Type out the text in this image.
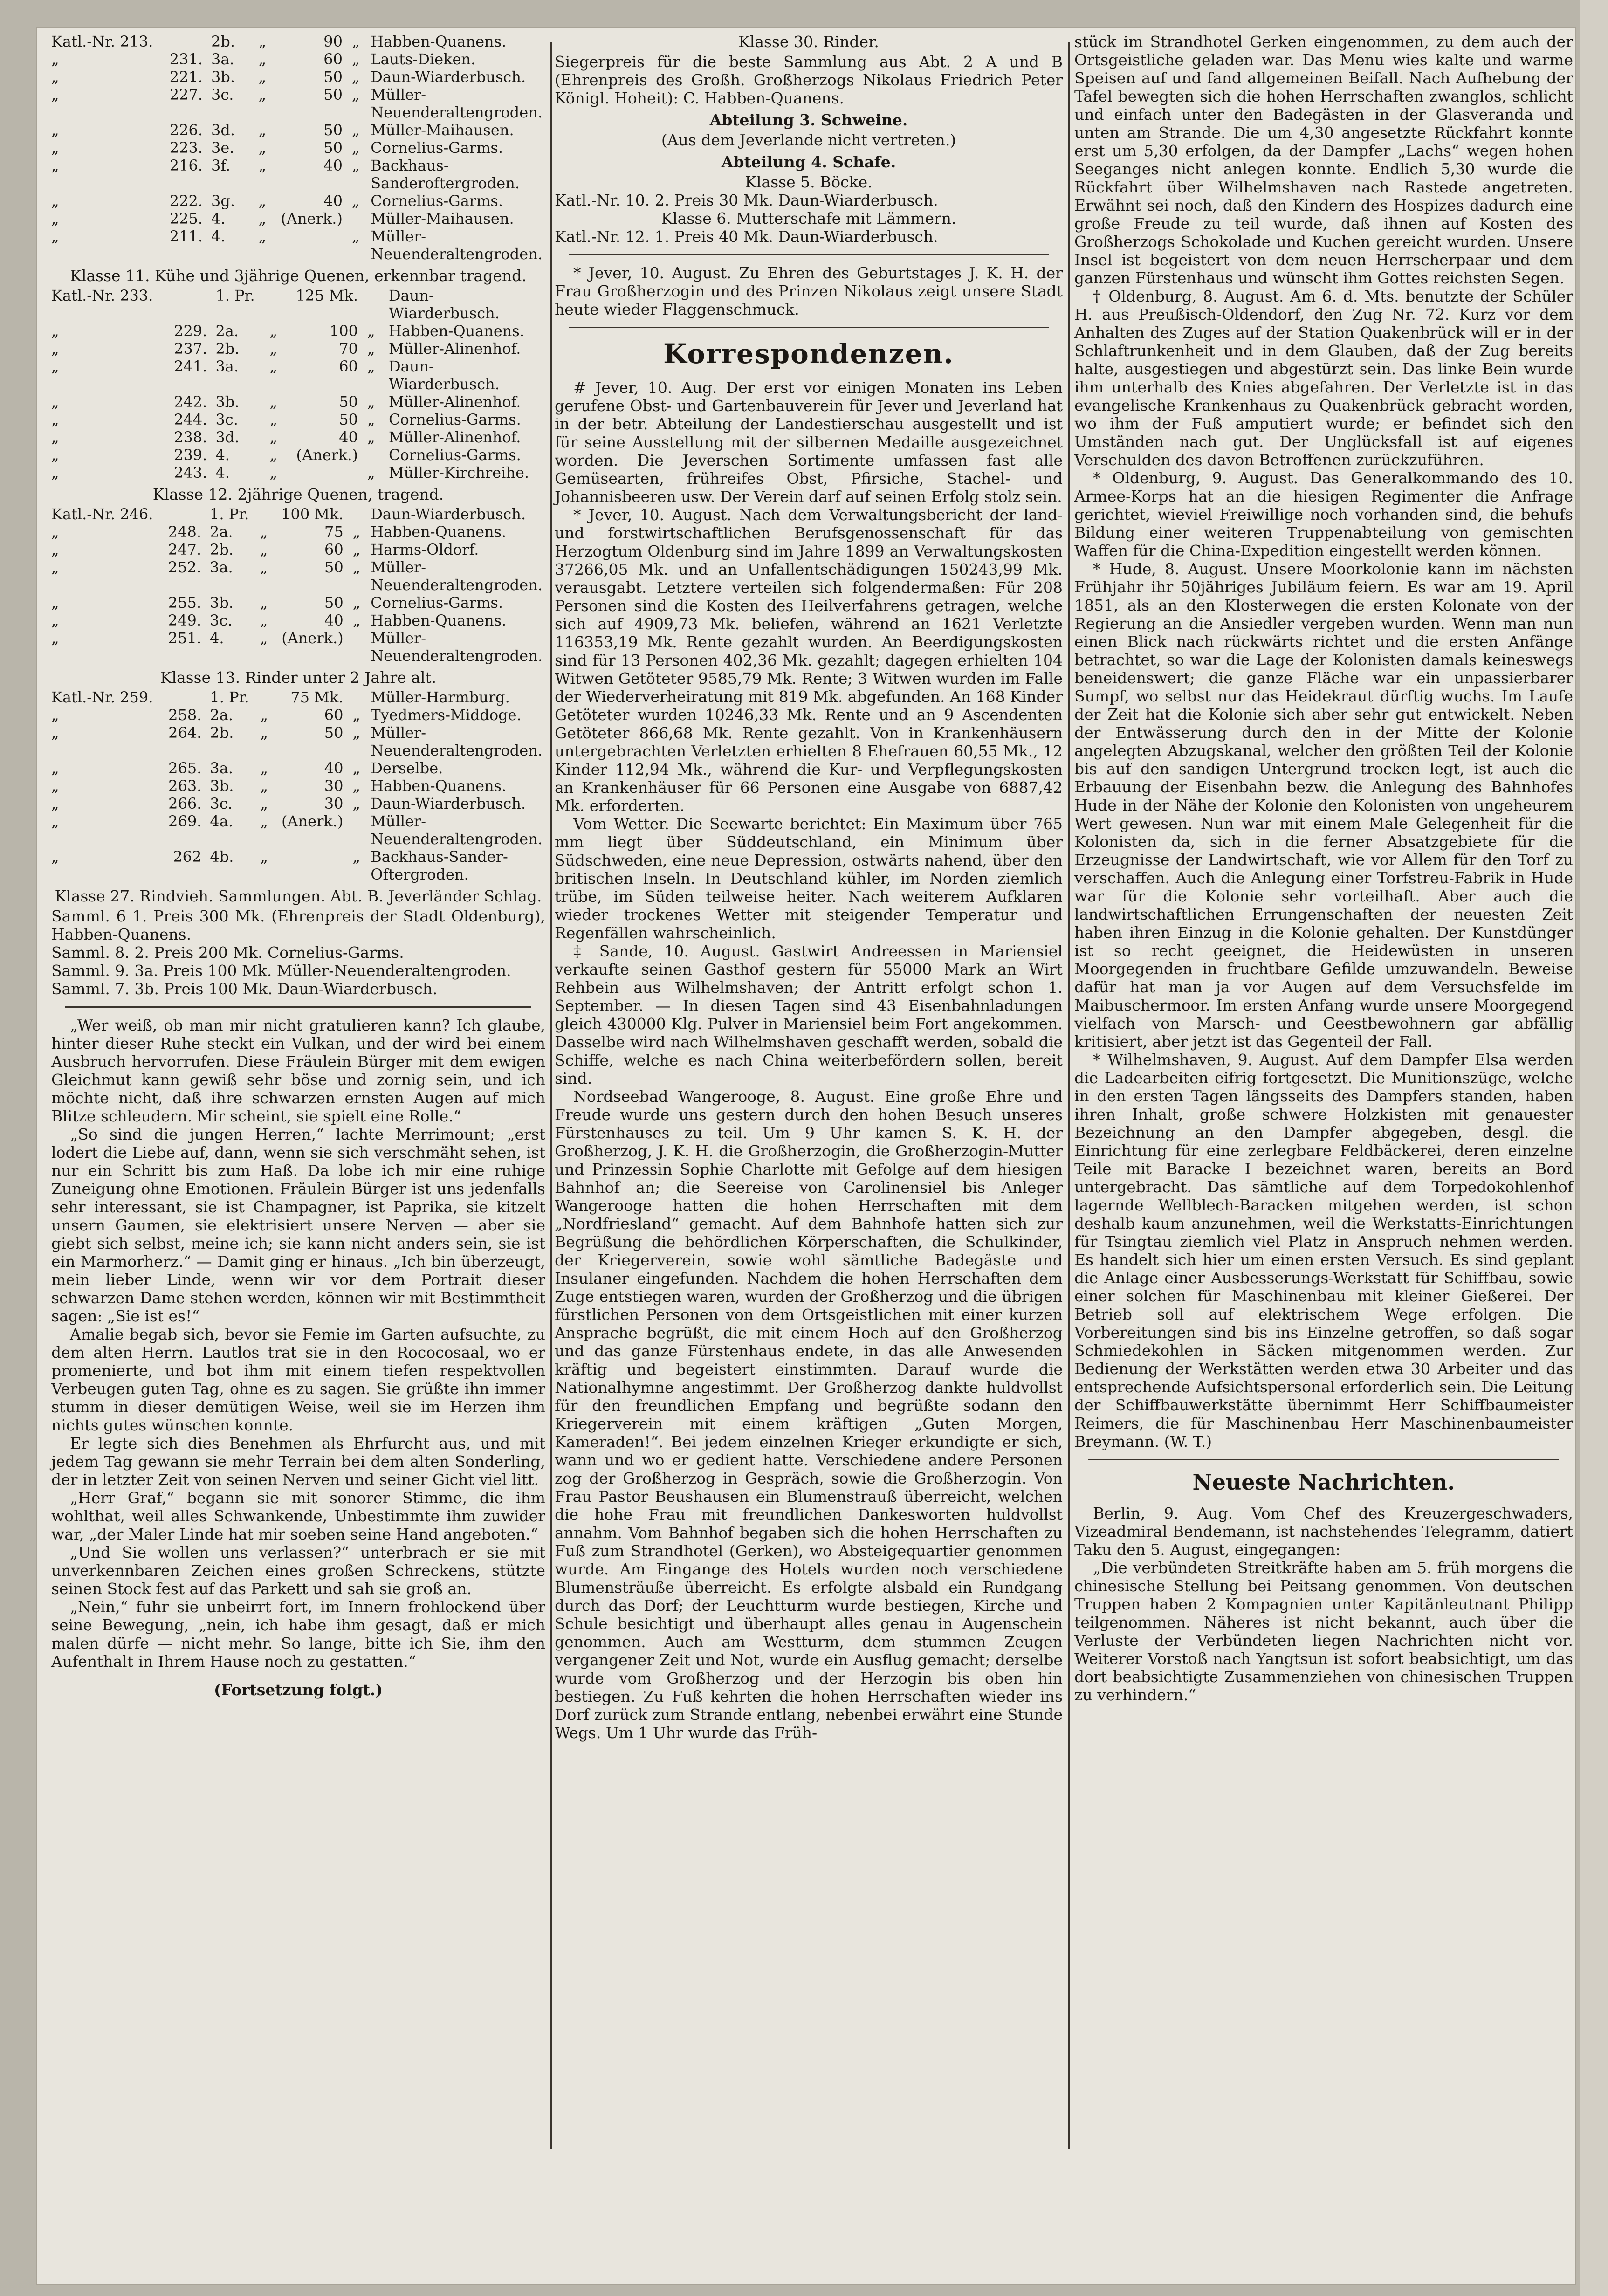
Katl.-Nr. 213.		2b.	„	90	„	Habben-Quanens.
„	231.	3a.	„	60	„	Lauts-Dieken.
„	221.	3b.	„	50	„	Daun-Wiarderbusch.
„	227.	3c.	„	50	„	Müller-Neuenderaltengroden.
„	226.	3d.	„	50	„	Müller-Maihausen.
„	223.	3e.	„	50	„	Cornelius-Garms.
„	216.	3f.	„	40	„	Backhaus-Sanderoftergroden.
„	222.	3g.	„	40	„	Cornelius-Garms.
„	225.	4.	„	(Anerk.)		Müller-Maihausen.
„	211.	4.	„		„	Müller-Neuenderaltengroden.
Klasse 11. Kühe und 3jährige Quenen, erkennbar tragend.
Katl.-Nr. 233.		1. Pr.		125 Mk.		Daun-Wiarderbusch.
„	229.	2a.	„	100	„	Habben-Quanens.
„	237.	2b.	„	70	„	Müller-Alinenhof.
„	241.	3a.	„	60	„	Daun-Wiarderbusch.
„	242.	3b.	„	50	„	Müller-Alinenhof.
„	244.	3c.	„	50	„	Cornelius-Garms.
„	238.	3d.	„	40	„	Müller-Alinenhof.
„	239.	4.	„	(Anerk.)		Cornelius-Garms.
„	243.	4.	„		„	Müller-Kirchreihe.
Klasse 12. 2jährige Quenen, tragend.
Katl.-Nr. 246.		1. Pr.		100 Mk.		Daun-Wiarderbusch.
„	248.	2a.	„	75	„	Habben-Quanens.
„	247.	2b.	„	60	„	Harms-Oldorf.
„	252.	3a.	„	50	„	Müller-Neuenderaltengroden.
„	255.	3b.	„	50	„	Cornelius-Garms.
„	249.	3c.	„	40	„	Habben-Quanens.
„	251.	4.	„	(Anerk.)		Müller-Neuenderaltengroden.
Klasse 13. Rinder unter 2 Jahre alt.
Katl.-Nr. 259.		1. Pr.		75 Mk.		Müller-Harmburg.
„	258.	2a.	„	60	„	Tyedmers-Middoge.
„	264.	2b.	„	50	„	Müller-Neuenderaltengroden.
„	265.	3a.	„	40	„	Derselbe.
„	263.	3b.	„	30	„	Habben-Quanens.
„	266.	3c.	„	30	„	Daun-Wiarderbusch.
„	269.	4a.	„	(Anerk.)		Müller-Neuenderaltengroden.
„	262	4b.	„		„	Backhaus-Sander-Oftergroden.
Klasse 27. Rindvieh. Sammlungen. Abt. B. Jeverländer Schlag.
Samml. 6 1. Preis 300 Mk. (Ehrenpreis der Stadt Oldenburg), Habben-Quanens.
Samml. 8. 2. Preis 200 Mk. Cornelius-Garms.
Samml. 9. 3a. Preis 100 Mk. Müller-Neuenderaltengroden.
Samml. 7. 3b. Preis 100 Mk. Daun-Wiarderbusch.

„Wer weiß, ob man mir nicht gratulieren kann? Ich glaube, hinter dieser Ruhe steckt ein Vulkan, und der wird bei einem Ausbruch hervorrufen. Diese Fräulein Bürger mit dem ewigen Gleichmut kann gewiß sehr böse und zornig sein, und ich möchte nicht, daß ihre schwarzen ernsten Augen auf mich Blitze schleudern. Mir scheint, sie spielt eine Rolle.“

„So sind die jungen Herren,“ lachte Merrimount; „erst lodert die Liebe auf, dann, wenn sie sich verschmäht sehen, ist nur ein Schritt bis zum Haß. Da lobe ich mir eine ruhige Zuneigung ohne Emotionen. Fräulein Bürger ist uns jedenfalls sehr interessant, sie ist Champagner, ist Paprika, sie kitzelt unsern Gaumen, sie elektrisiert unsere Nerven — aber sie giebt sich selbst, meine ich; sie kann nicht anders sein, sie ist ein Marmorherz.“ — Damit ging er hinaus. „Ich bin überzeugt, mein lieber Linde, wenn wir vor dem Portrait dieser schwarzen Dame stehen werden, können wir mit Bestimmtheit sagen: „Sie ist es!“

Amalie begab sich, bevor sie Femie im Garten aufsuchte, zu dem alten Herrn. Lautlos trat sie in den Rococosaal, wo er promenierte, und bot ihm mit einem tiefen respektvollen Verbeugen guten Tag, ohne es zu sagen. Sie grüßte ihn immer stumm in dieser demütigen Weise, weil sie im Herzen ihm nichts gutes wünschen konnte.

Er legte sich dies Benehmen als Ehrfurcht aus, und mit jedem Tag gewann sie mehr Terrain bei dem alten Sonderling, der in letzter Zeit von seinen Nerven und seiner Gicht viel litt.

„Herr Graf,“ begann sie mit sonorer Stimme, die ihm wohlthat, weil alles Schwankende, Unbestimmte ihm zuwider war, „der Maler Linde hat mir soeben seine Hand angeboten.“

„Und Sie wollen uns verlassen?“ unterbrach er sie mit unverkennbaren Zeichen eines großen Schreckens, stützte seinen Stock fest auf das Parkett und sah sie groß an.

„Nein,“ fuhr sie unbeirrt fort, im Innern frohlockend über seine Bewegung, „nein, ich habe ihm gesagt, daß er mich malen dürfe — nicht mehr. So lange, bitte ich Sie, ihm den Aufenthalt in Ihrem Hause noch zu gestatten.“

(Fortsetzung folgt.)
Klasse 30. Rinder.
Siegerpreis für die beste Sammlung aus Abt. 2 A und B (Ehrenpreis des Großh. Großherzogs Nikolaus Friedrich Peter Königl. Hoheit): C. Habben-Quanens.
Abteilung 3. Schweine.
(Aus dem Jeverlande nicht vertreten.)
Abteilung 4. Schafe.
Klasse 5. Böcke.
Katl.-Nr. 10. 2. Preis 30 Mk. Daun-Wiarderbusch.
Klasse 6. Mutterschafe mit Lämmern.
Katl.-Nr. 12. 1. Preis 40 Mk. Daun-Wiarderbusch.

* Jever, 10. August. Zu Ehren des Geburtstages J. K. H. der Frau Großherzogin und des Prinzen Nikolaus zeigt unsere Stadt heute wieder Flaggenschmuck.

Korrespondenzen.

# Jever, 10. Aug. Der erst vor einigen Monaten ins Leben gerufene Obst- und Gartenbauverein für Jever und Jeverland hat in der betr. Abteilung der Landestierschau ausgestellt und ist für seine Ausstellung mit der silbernen Medaille ausgezeichnet worden. Die Jeverschen Sortimente umfassen fast alle Gemüsearten, frühreifes Obst, Pfirsiche, Stachel- und Johannisbeeren usw. Der Verein darf auf seinen Erfolg stolz sein.

* Jever, 10. August. Nach dem Verwaltungsbericht der land- und forstwirtschaftlichen Berufsgenossenschaft für das Herzogtum Oldenburg sind im Jahre 1899 an Verwaltungskosten 37266,05 Mk. und an Unfallentschädigungen 150243,99 Mk. verausgabt. Letztere verteilen sich folgendermaßen: Für 208 Personen sind die Kosten des Heilverfahrens getragen, welche sich auf 4909,73 Mk. beliefen, während an 1621 Verletzte 116353,19 Mk. Rente gezahlt wurden. An Beerdigungskosten sind für 13 Personen 402,36 Mk. gezahlt; dagegen erhielten 104 Witwen Getöteter 9585,79 Mk. Rente; 3 Witwen wurden im Falle der Wiederverheiratung mit 819 Mk. abgefunden. An 168 Kinder Getöteter wurden 10246,33 Mk. Rente und an 9 Ascendenten Getöteter 866,68 Mk. Rente gezahlt. Von in Krankenhäusern untergebrachten Verletzten erhielten 8 Ehefrauen 60,55 Mk., 12 Kinder 112,94 Mk., während die Kur- und Verpflegungskosten an Krankenhäuser für 66 Personen eine Ausgabe von 6887,42 Mk. erforderten.

Vom Wetter. Die Seewarte berichtet: Ein Maximum über 765 mm liegt über Süddeutschland, ein Minimum über Südschweden, eine neue Depression, ostwärts nahend, über den britischen Inseln. In Deutschland kühler, im Norden ziemlich trübe, im Süden teilweise heiter. Nach weiterem Aufklaren wieder trockenes Wetter mit steigender Temperatur und Regenfällen wahrscheinlich.

‡ Sande, 10. August. Gastwirt Andreessen in Mariensiel verkaufte seinen Gasthof gestern für 55000 Mark an Wirt Rehbein aus Wilhelmshaven; der Antritt erfolgt schon 1. September. — In diesen Tagen sind 43 Eisenbahnladungen gleich 430000 Klg. Pulver in Mariensiel beim Fort angekommen. Dasselbe wird nach Wilhelmshaven geschafft werden, sobald die Schiffe, welche es nach China weiterbefördern sollen, bereit sind.

Nordseebad Wangerooge, 8. August. Eine große Ehre und Freude wurde uns gestern durch den hohen Besuch unseres Fürstenhauses zu teil. Um 9 Uhr kamen S. K. H. der Großherzog, J. K. H. die Großherzogin, die Großherzogin-Mutter und Prinzessin Sophie Charlotte mit Gefolge auf dem hiesigen Bahnhof an; die Seereise von Carolinensiel bis Anleger Wangerooge hatten die hohen Herrschaften mit dem „Nordfriesland“ gemacht. Auf dem Bahnhofe hatten sich zur Begrüßung die behördlichen Körperschaften, die Schulkinder, der Kriegerverein, sowie wohl sämtliche Badegäste und Insulaner eingefunden. Nachdem die hohen Herrschaften dem Zuge entstiegen waren, wurden der Großherzog und die übrigen fürstlichen Personen von dem Ortsgeistlichen mit einer kurzen Ansprache begrüßt, die mit einem Hoch auf den Großherzog und das ganze Fürstenhaus endete, in das alle Anwesenden kräftig und begeistert einstimmten. Darauf wurde die Nationalhymne angestimmt. Der Großherzog dankte huldvollst für den freundlichen Empfang und begrüßte sodann den Kriegerverein mit einem kräftigen „Guten Morgen, Kameraden!“. Bei jedem einzelnen Krieger erkundigte er sich, wann und wo er gedient hatte. Verschiedene andere Personen zog der Großherzog in Gespräch, sowie die Großherzogin. Von Frau Pastor Beushausen ein Blumenstrauß überreicht, welchen die hohe Frau mit freundlichen Dankesworten huldvollst annahm. Vom Bahnhof begaben sich die hohen Herrschaften zu Fuß zum Strandhotel (Gerken), wo Absteigequartier genommen wurde. Am Eingange des Hotels wurden noch verschiedene Blumensträuße überreicht. Es erfolgte alsbald ein Rundgang durch das Dorf; der Leuchtturm wurde bestiegen, Kirche und Schule besichtigt und überhaupt alles genau in Augenschein genommen. Auch am Westturm, dem stummen Zeugen vergangener Zeit und Not, wurde ein Ausflug gemacht; derselbe wurde vom Großherzog und der Herzogin bis oben hin bestiegen. Zu Fuß kehrten die hohen Herrschaften wieder ins Dorf zurück zum Strande entlang, nebenbei erwährt eine Stunde Wegs. Um 1 Uhr wurde das Früh-

stück im Strandhotel Gerken eingenommen, zu dem auch der Ortsgeistliche geladen war. Das Menu wies kalte und warme Speisen auf und fand allgemeinen Beifall. Nach Aufhebung der Tafel bewegten sich die hohen Herrschaften zwanglos, schlicht und einfach unter den Badegästen in der Glasveranda und unten am Strande. Die um 4,30 angesetzte Rückfahrt konnte erst um 5,30 erfolgen, da der Dampfer „Lachs“ wegen hohen Seeganges nicht anlegen konnte. Endlich 5,30 wurde die Rückfahrt über Wilhelmshaven nach Rastede angetreten. Erwähnt sei noch, daß den Kindern des Hospizes dadurch eine große Freude zu teil wurde, daß ihnen auf Kosten des Großherzogs Schokolade und Kuchen gereicht wurden. Unsere Insel ist begeistert von dem neuen Herrscherpaar und dem ganzen Fürstenhaus und wünscht ihm Gottes reichsten Segen.

† Oldenburg, 8. August. Am 6. d. Mts. benutzte der Schüler H. aus Preußisch-Oldendorf, den Zug Nr. 72. Kurz vor dem Anhalten des Zuges auf der Station Quakenbrück will er in der Schlaftrunkenheit und in dem Glauben, daß der Zug bereits halte, ausgestiegen und abgestürzt sein. Das linke Bein wurde ihm unterhalb des Knies abgefahren. Der Verletzte ist in das evangelische Krankenhaus zu Quakenbrück gebracht worden, wo ihm der Fuß amputiert wurde; er befindet sich den Umständen nach gut. Der Unglücksfall ist auf eigenes Verschulden des davon Betroffenen zurückzuführen.

* Oldenburg, 9. August. Das Generalkommando des 10. Armee-Korps hat an die hiesigen Regimenter die Anfrage gerichtet, wieviel Freiwillige noch vorhanden sind, die behufs Bildung einer weiteren Truppenabteilung von gemischten Waffen für die China-Expedition eingestellt werden können.

* Hude, 8. August. Unsere Moorkolonie kann im nächsten Frühjahr ihr 50jähriges Jubiläum feiern. Es war am 19. April 1851, als an den Klosterwegen die ersten Kolonate von der Regierung an die Ansiedler vergeben wurden. Wenn man nun einen Blick nach rückwärts richtet und die ersten Anfänge betrachtet, so war die Lage der Kolonisten damals keineswegs beneidenswert; die ganze Fläche war ein unpassierbarer Sumpf, wo selbst nur das Heidekraut dürftig wuchs. Im Laufe der Zeit hat die Kolonie sich aber sehr gut entwickelt. Neben der Entwässerung durch den in der Mitte der Kolonie angelegten Abzugskanal, welcher den größten Teil der Kolonie bis auf den sandigen Untergrund trocken legt, ist auch die Erbauung der Eisenbahn bezw. die Anlegung des Bahnhofes Hude in der Nähe der Kolonie den Kolonisten von ungeheurem Wert gewesen. Nun war mit einem Male Gelegenheit für die Kolonisten da, sich in die ferner Absatzgebiete für die Erzeugnisse der Landwirtschaft, wie vor Allem für den Torf zu verschaffen. Auch die Anlegung einer Torfstreu-Fabrik in Hude war für die Kolonie sehr vorteilhaft. Aber auch die landwirtschaftlichen Errungenschaften der neuesten Zeit haben ihren Einzug in die Kolonie gehalten. Der Kunstdünger ist so recht geeignet, die Heidewüsten in unseren Moorgegenden in fruchtbare Gefilde umzuwandeln. Beweise dafür hat man ja vor Augen auf dem Versuchsfelde im Maibuschermoor. Im ersten Anfang wurde unsere Moorgegend vielfach von Marsch- und Geestbewohnern gar abfällig kritisiert, aber jetzt ist das Gegenteil der Fall.

* Wilhelmshaven, 9. August. Auf dem Dampfer Elsa werden die Ladearbeiten eifrig fortgesetzt. Die Munitionszüge, welche in den ersten Tagen längsseits des Dampfers standen, haben ihren Inhalt, große schwere Holzkisten mit genauester Bezeichnung an den Dampfer abgegeben, desgl. die Einrichtung für eine zerlegbare Feldbäckerei, deren einzelne Teile mit Baracke I bezeichnet waren, bereits an Bord untergebracht. Das sämtliche auf dem Torpedokohlenhof lagernde Wellblech-Baracken mitgehen werden, ist schon deshalb kaum anzunehmen, weil die Werkstatts-Einrichtungen für Tsingtau ziemlich viel Platz in Anspruch nehmen werden. Es handelt sich hier um einen ersten Versuch. Es sind geplant die Anlage einer Ausbesserungs-Werkstatt für Schiffbau, sowie einer solchen für Maschinenbau mit kleiner Gießerei. Der Betrieb soll auf elektrischem Wege erfolgen. Die Vorbereitungen sind bis ins Einzelne getroffen, so daß sogar Schmiedekohlen in Säcken mitgenommen werden. Zur Bedienung der Werkstätten werden etwa 30 Arbeiter und das entsprechende Aufsichtspersonal erforderlich sein. Die Leitung der Schiffbauwerkstätte übernimmt Herr Schiffbaumeister Reimers, die für Maschinenbau Herr Maschinenbaumeister Breymann. (W. T.)

Neueste Nachrichten.

Berlin, 9. Aug. Vom Chef des Kreuzergeschwaders, Vizeadmiral Bendemann, ist nachstehendes Telegramm, datiert Taku den 5. August, eingegangen:

„Die verbündeten Streitkräfte haben am 5. früh morgens die chinesische Stellung bei Peitsang genommen. Von deutschen Truppen haben 2 Kompagnien unter Kapitänleutnant Philipp teilgenommen. Näheres ist nicht bekannt, auch über die Verluste der Verbündeten liegen Nachrichten nicht vor. Weiterer Vorstoß nach Yangtsun ist sofort beabsichtigt, um das dort beabsichtigte Zusammenziehen von chinesischen Truppen zu verhindern.“
